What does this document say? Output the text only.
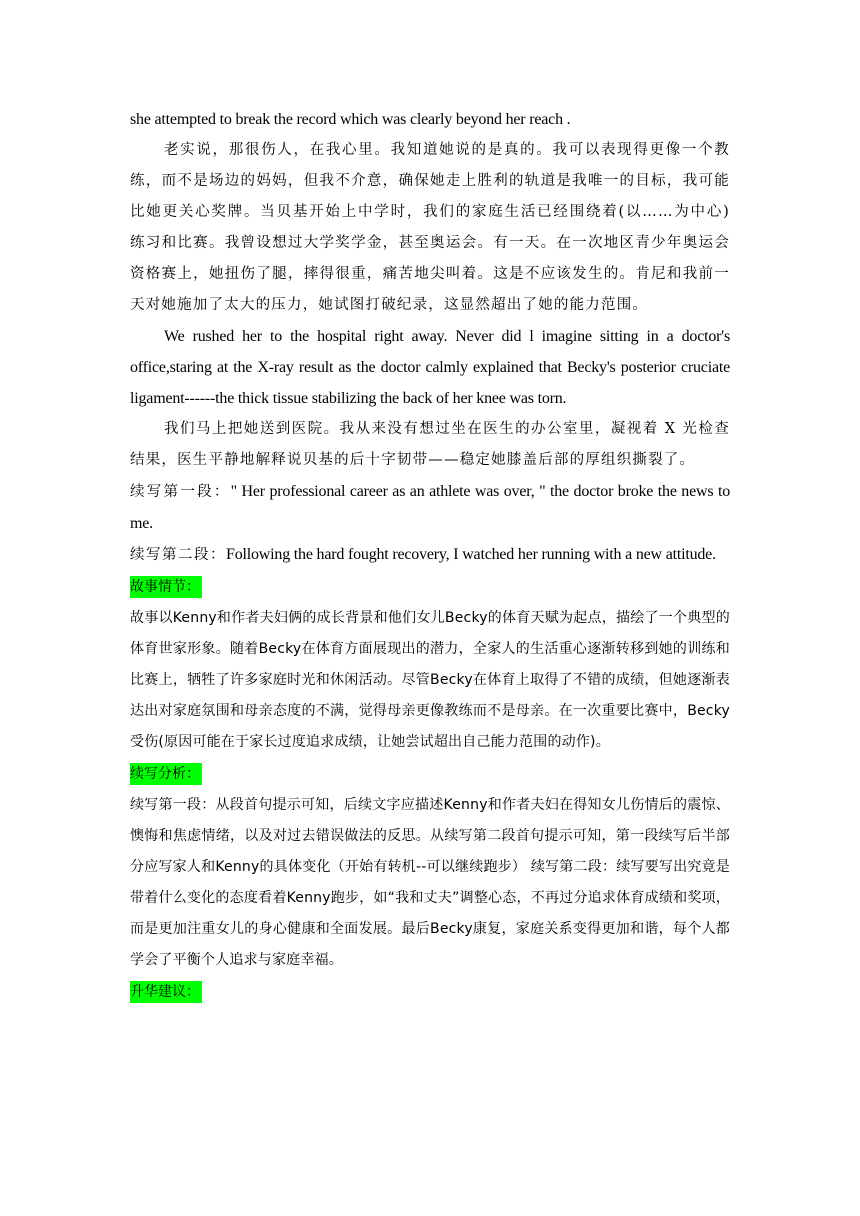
she attempted to break the record which was clearly beyond her reach .

老实说，那很伤人，在我心里。我知道她说的是真的。我可以表现得更像一个教练，而不是场边的妈妈，但我不介意，确保她走上胜利的轨道是我唯一的目标，我可能比她更关心奖牌。当贝基开始上中学时，我们的家庭生活已经围绕着(以……为中心) 练习和比赛。我曾设想过大学奖学金，甚至奥运会。有一天。在一次地区青少年奥运会资格赛上，她扭伤了腿，摔得很重，痛苦地尖叫着。这是不应该发生的。肯尼和我前一天对她施加了太大的压力，她试图打破纪录，这显然超出了她的能力范围。

We rushed her to the hospital right away. Never did l imagine sitting in a doctor's office,staring at the X-ray result as the doctor calmly explained that Becky's posterior cruciate ligament------the thick tissue stabilizing the back of her knee was torn.

我们马上把她送到医院。我从来没有想过坐在医生的办公室里，凝视着 X 光检查结果，医生平静地解释说贝基的后十字韧带——稳定她膝盖后部的厚组织撕裂了。

续写第一段：" Her professional career as an athlete was over, " the doctor broke the news to me.

续写第二段：Following the hard fought recovery, I watched her running with a new attitude.

故事情节：

故事以Kenny和作者夫妇俩的成长背景和他们女儿Becky的体育天赋为起点，描绘了一个典型的体育世家形象。随着Becky在体育方面展现出的潜力，全家人的生活重心逐渐转移到她的训练和比赛上，牺牲了许多家庭时光和休闲活动。尽管Becky在体育上取得了不错的成绩，但她逐渐表达出对家庭氛围和母亲态度的不满，觉得母亲更像教练而不是母亲。在一次重要比赛中，Becky受伤(原因可能在于家长过度追求成绩，让她尝试超出自己能力范围的动作)。

续写分析：

续写第一段：从段首句提示可知，后续文字应描述Kenny和作者夫妇在得知女儿伤情后的震惊、懊悔和焦虑情绪，以及对过去错误做法的反思。从续写第二段首句提示可知，第一段续写后半部分应写家人和Kenny的具体变化（开始有转机--可以继续跑步） 续写第二段：续写要写出究竟是带着什么变化的态度看着Kenny跑步，如“我和丈夫”调整心态，不再过分追求体育成绩和奖项，而是更加注重女儿的身心健康和全面发展。最后Becky康复，家庭关系变得更加和谐，每个人都学会了平衡个人追求与家庭幸福。

升华建议：
